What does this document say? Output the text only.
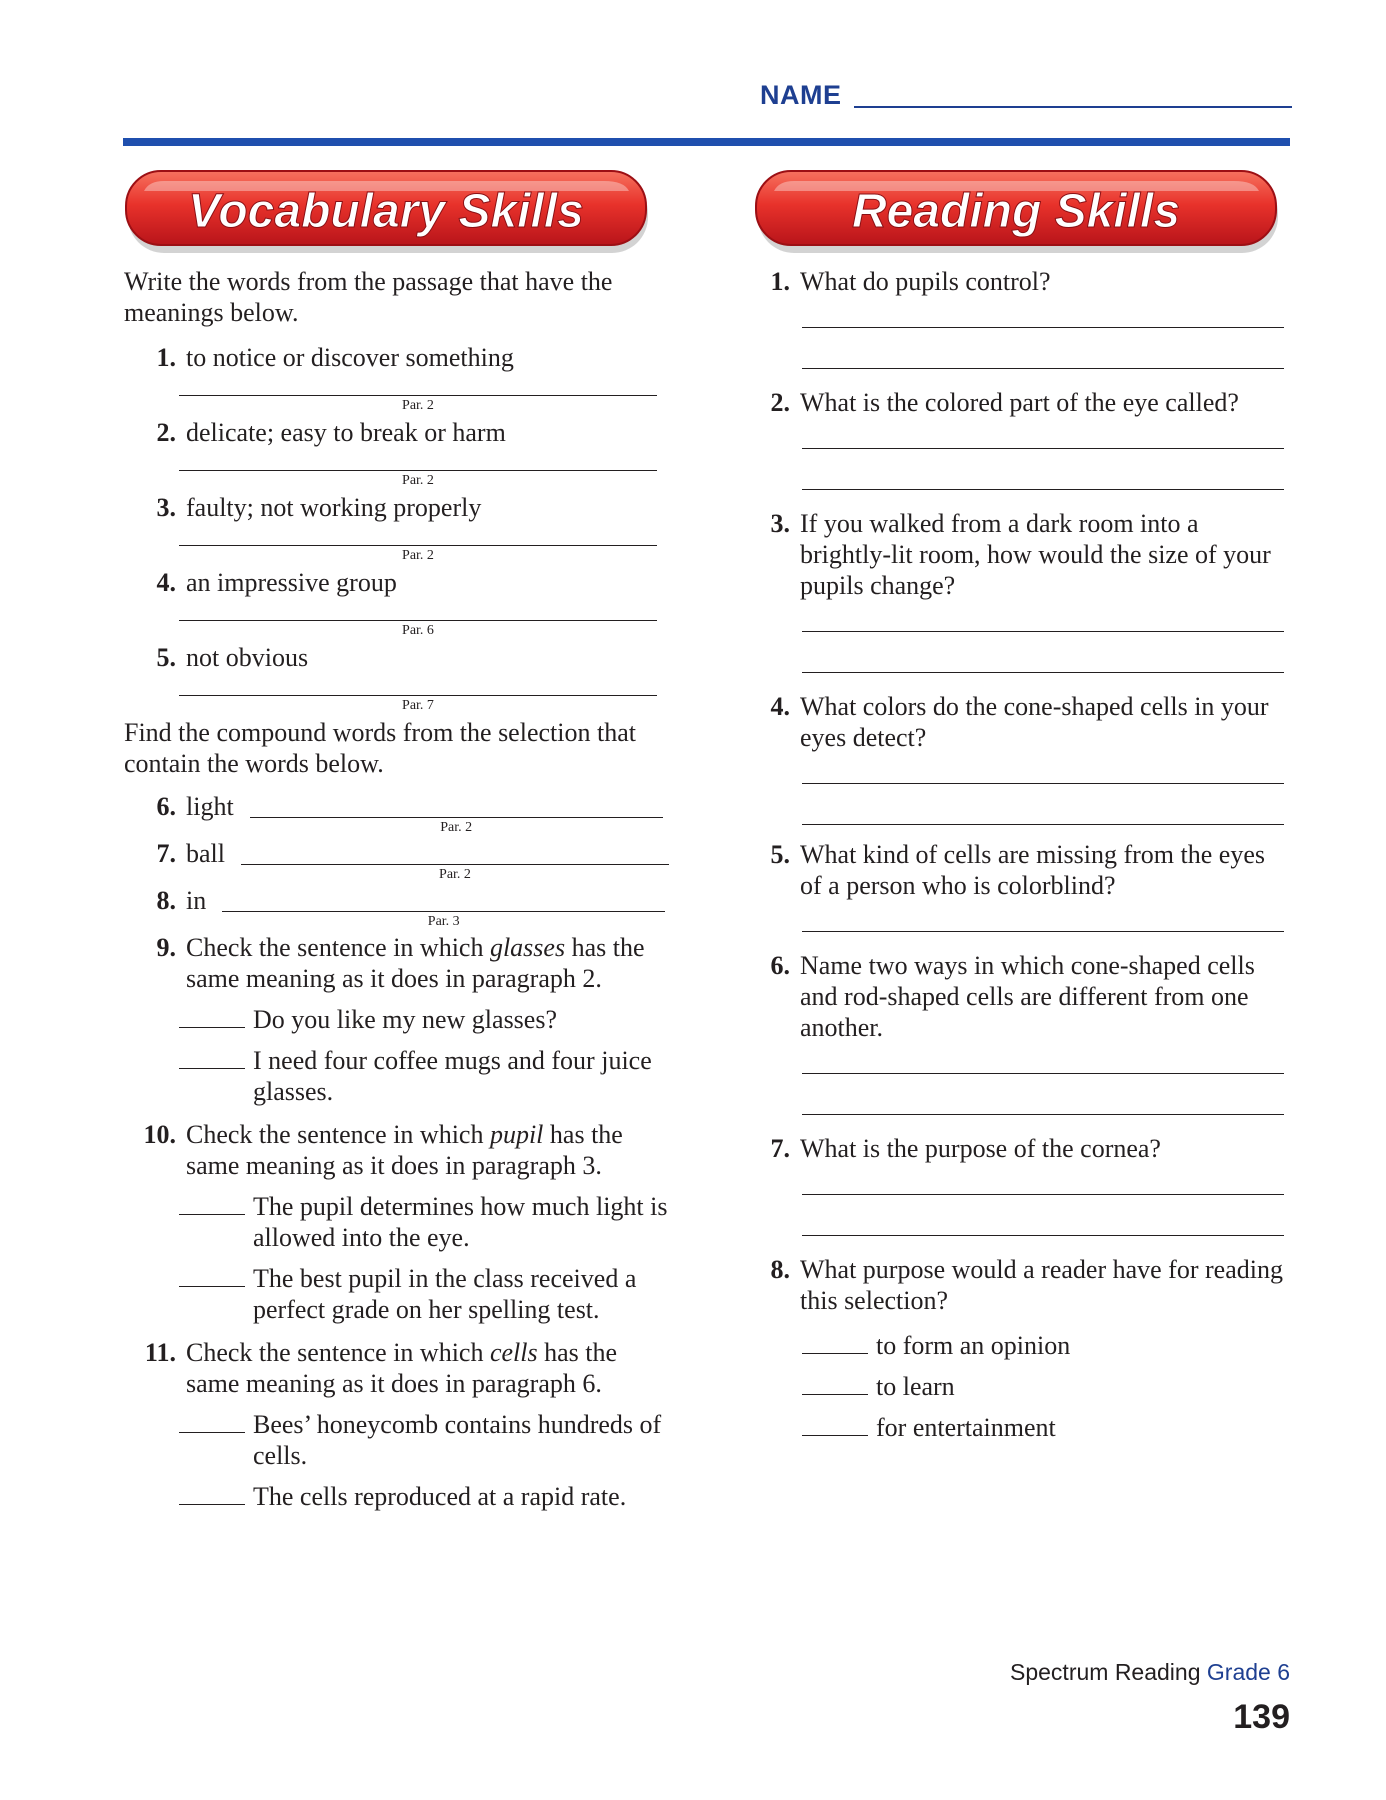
NAME
Vocabulary Skills	Reading Skills

Write the words from the passage that have the meanings below.

1. to notice or discover something
Par. 2
2. delicate; easy to break or harm
Par. 2
3. faulty; not working properly
Par. 2
4. an impressive group
Par. 6
5. not obvious
Par. 7

Find the compound words from the selection that contain the words below.

6. light
Par. 2
7. ball
Par. 2
8. in
Par. 3
9. Check the sentence in which glasses has the same meaning as it does in paragraph 2.
Do you like my new glasses?
I need four coffee mugs and four juice glasses.
10. Check the sentence in which pupil has the same meaning as it does in paragraph 3.
The pupil determines how much light is allowed into the eye.
The best pupil in the class received a perfect grade on her spelling test.
11. Check the sentence in which cells has the same meaning as it does in paragraph 6.
Bees’ honeycomb contains hundreds of cells.
The cells reproduced at a rapid rate.
1. What do pupils control?
2. What is the colored part of the eye called?
3. If you walked from a dark room into a brightly-lit room, how would the size of your pupils change?
4. What colors do the cone-shaped cells in your eyes detect?
5. What kind of cells are missing from the eyes of a person who is colorblind?
6. Name two ways in which cone-shaped cells and rod-shaped cells are different from one another.
7. What is the purpose of the cornea?
8. What purpose would a reader have for reading this selection?
to form an opinion
to learn
for entertainment
Spectrum Reading Grade 6
139
